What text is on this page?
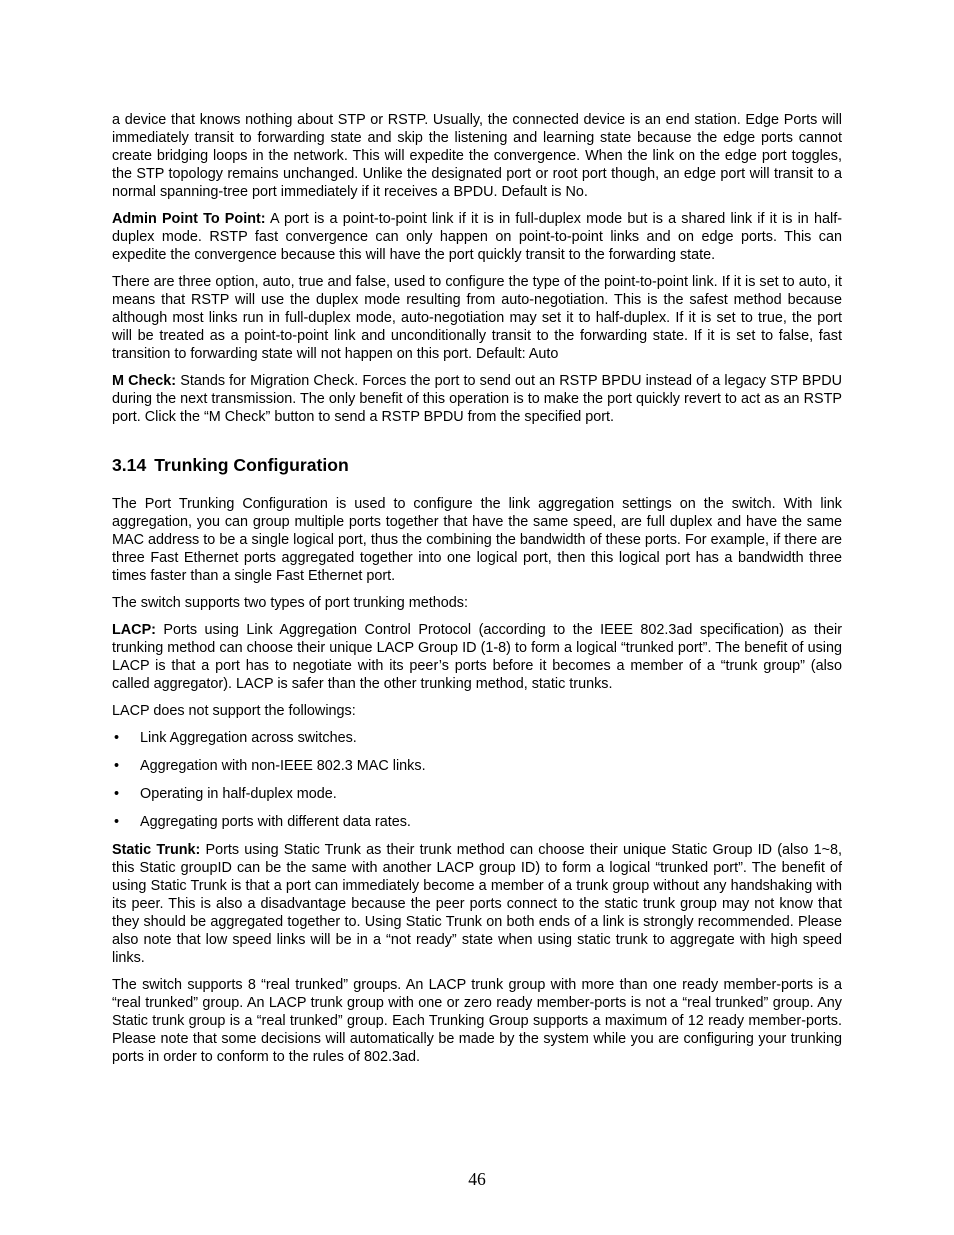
a device that knows nothing about STP or RSTP. Usually, the connected device is an end station. Edge Ports will immediately transit to forwarding state and skip the listening and learning state because the edge ports cannot create bridging loops in the network. This will expedite the convergence. When the link on the edge port toggles, the STP topology remains unchanged. Unlike the designated port or root port though, an edge port will transit to a normal spanning-tree port immediately if it receives a BPDU. Default is No.

Admin Point To Point: A port is a point-to-point link if it is in full-duplex mode but is a shared link if it is in half-duplex mode. RSTP fast convergence can only happen on point-to-point links and on edge ports. This can expedite the convergence because this will have the port quickly transit to the forwarding state.

There are three option, auto, true and false, used to configure the type of the point-to-point link. If it is set to auto, it means that RSTP will use the duplex mode resulting from auto-negotiation. This is the safest method because although most links run in full-duplex mode, auto-negotiation may set it to half-duplex. If it is set to true, the port will be treated as a point-to-point link and unconditionally transit to the forwarding state. If it is set to false, fast transition to forwarding state will not happen on this port. Default: Auto

M Check: Stands for Migration Check. Forces the port to send out an RSTP BPDU instead of a legacy STP BPDU during the next transmission. The only benefit of this operation is to make the port quickly revert to act as an RSTP port. Click the “M Check” button to send a RSTP BPDU from the specified port.

3.14 Trunking Configuration

The Port Trunking Configuration is used to configure the link aggregation settings on the switch. With link aggregation, you can group multiple ports together that have the same speed, are full duplex and have the same MAC address to be a single logical port, thus the combining the bandwidth of these ports. For example, if there are three Fast Ethernet ports aggregated together into one logical port, then this logical port has a bandwidth three times faster than a single Fast Ethernet port.

The switch supports two types of port trunking methods:

LACP: Ports using Link Aggregation Control Protocol (according to the IEEE 802.3ad specification) as their trunking method can choose their unique LACP Group ID (1-8) to form a logical “trunked port”. The benefit of using LACP is that a port has to negotiate with its peer’s ports before it becomes a member of a “trunk group” (also called aggregator). LACP is safer than the other trunking method, static trunks.

LACP does not support the followings:

• Link Aggregation across switches.
• Aggregation with non-IEEE 802.3 MAC links.
• Operating in half-duplex mode.
• Aggregating ports with different data rates.

Static Trunk: Ports using Static Trunk as their trunk method can choose their unique Static Group ID (also 1~8, this Static groupID can be the same with another LACP group ID) to form a logical “trunked port”. The benefit of using Static Trunk is that a port can immediately become a member of a trunk group without any handshaking with its peer. This is also a disadvantage because the peer ports connect to the static trunk group may not know that they should be aggregated together to. Using Static Trunk on both ends of a link is strongly recommended. Please also note that low speed links will be in a “not ready” state when using static trunk to aggregate with high speed links.

The switch supports 8 “real trunked” groups. An LACP trunk group with more than one ready member-ports is a “real trunked” group. An LACP trunk group with one or zero ready member-ports is not a “real trunked” group. Any Static trunk group is a “real trunked” group. Each Trunking Group supports a maximum of 12 ready member-ports. Please note that some decisions will automatically be made by the system while you are configuring your trunking ports in order to conform to the rules of 802.3ad.

46
